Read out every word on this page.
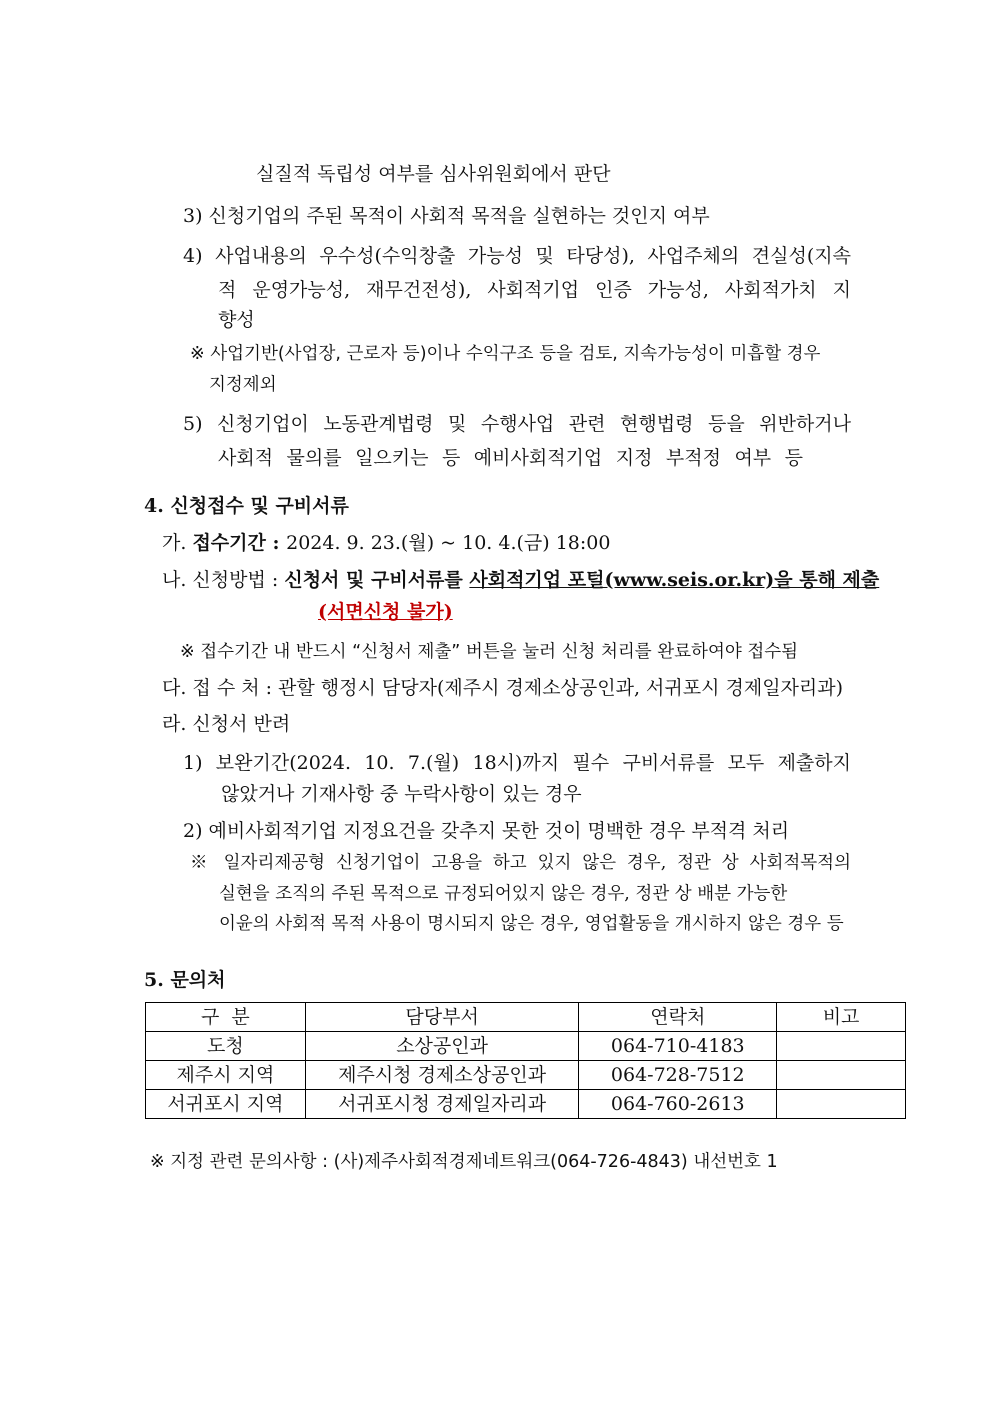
실질적 독립성 여부를 심사위원회에서 판단
3) 신청기업의 주된 목적이 사회적 목적을 실현하는 것인지 여부
4) 사업내용의 우수성(수익창출 가능성 및 타당성), 사업주체의 견실성(지속
적 운영가능성, 재무건전성), 사회적기업 인증 가능성, 사회적가치 지
향성
※ 사업기반(사업장, 근로자 등)이나 수익구조 등을 검토, 지속가능성이 미흡할 경우
지정제외
5) 신청기업이 노동관계법령 및 수행사업 관련 현행법령 등을 위반하거나
사회적 물의를 일으키는 등 예비사회적기업 지정 부적정 여부 등
4. 신청접수 및 구비서류
가. 접수기간 : 2024. 9. 23.(월) ~ 10. 4.(금) 18:00
나. 신청방법 : 신청서 및 구비서류를 사회적기업 포털(www.seis.or.kr)을 통해 제출
(서면신청 불가)
※ 접수기간 내 반드시 “신청서 제출” 버튼을 눌러 신청 처리를 완료하여야 접수됨
다. 접 수 처 : 관할 행정시 담당자(제주시 경제소상공인과, 서귀포시 경제일자리과)
라. 신청서 반려
1) 보완기간(2024. 10. 7.(월) 18시)까지 필수 구비서류를 모두 제출하지
않았거나 기재사항 중 누락사항이 있는 경우
2) 예비사회적기업 지정요건을 갖추지 못한 것이 명백한 경우 부적격 처리
※ 일자리제공형 신청기업이 고용을 하고 있지 않은 경우, 정관 상 사회적목적의
실현을 조직의 주된 목적으로 규정되어있지 않은 경우, 정관 상 배분 가능한
이윤의 사회적 목적 사용이 명시되지 않은 경우, 영업활동을 개시하지 않은 경우 등
5. 문의처
구  분	담당부서	연락처	비고
도청	소상공인과	064-710-4183	
제주시 지역	제주시청 경제소상공인과	064-728-7512	
서귀포시 지역	서귀포시청 경제일자리과	064-760-2613	
※ 지정 관련 문의사항 : (사)제주사회적경제네트워크(064-726-4843) 내선번호 1
